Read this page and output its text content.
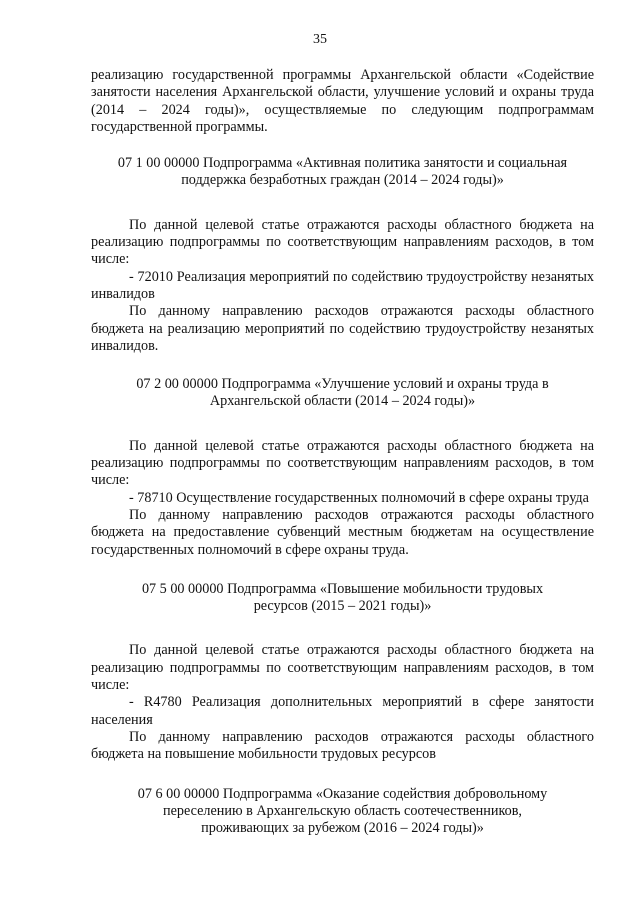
35

реализацию государственной программы Архангельской области «Содействие занятости населения Архангельской области, улучшение условий и охраны труда (2014 – 2024 годы)», осуществляемые по следующим подпрограммам государственной программы.

07 1 00 00000 Подпрограмма «Активная политика занятости и социальная
поддержка безработных граждан (2014 – 2024 годы)»

По данной целевой статье отражаются расходы областного бюджета на реализацию подпрограммы по соответствующим направлениям расходов, в том числе:

- 72010 Реализация мероприятий по содействию трудоустройству незанятых инвалидов

По данному направлению расходов отражаются расходы областного бюджета на реализацию мероприятий по содействию трудоустройству незанятых инвалидов.

07 2 00 00000 Подпрограмма «Улучшение условий и охраны труда в
Архангельской области (2014 – 2024 годы)»

По данной целевой статье отражаются расходы областного бюджета на реализацию подпрограммы по соответствующим направлениям расходов, в том числе:

- 78710 Осуществление государственных полномочий в сфере охраны труда

По данному направлению расходов отражаются расходы областного бюджета на предоставление субвенций местным бюджетам на осуществление государственных полномочий в сфере охраны труда.

07 5 00 00000 Подпрограмма «Повышение мобильности трудовых
ресурсов (2015 – 2021 годы)»

По данной целевой статье отражаются расходы областного бюджета на реализацию подпрограммы по соответствующим направлениям расходов, в том числе:

- R4780 Реализация дополнительных мероприятий в сфере занятости населения

По данному направлению расходов отражаются расходы областного бюджета на повышение мобильности трудовых ресурсов

07 6 00 00000 Подпрограмма «Оказание содействия добровольному
переселению в Архангельскую область соотечественников,
проживающих за рубежом (2016 – 2024 годы)»
